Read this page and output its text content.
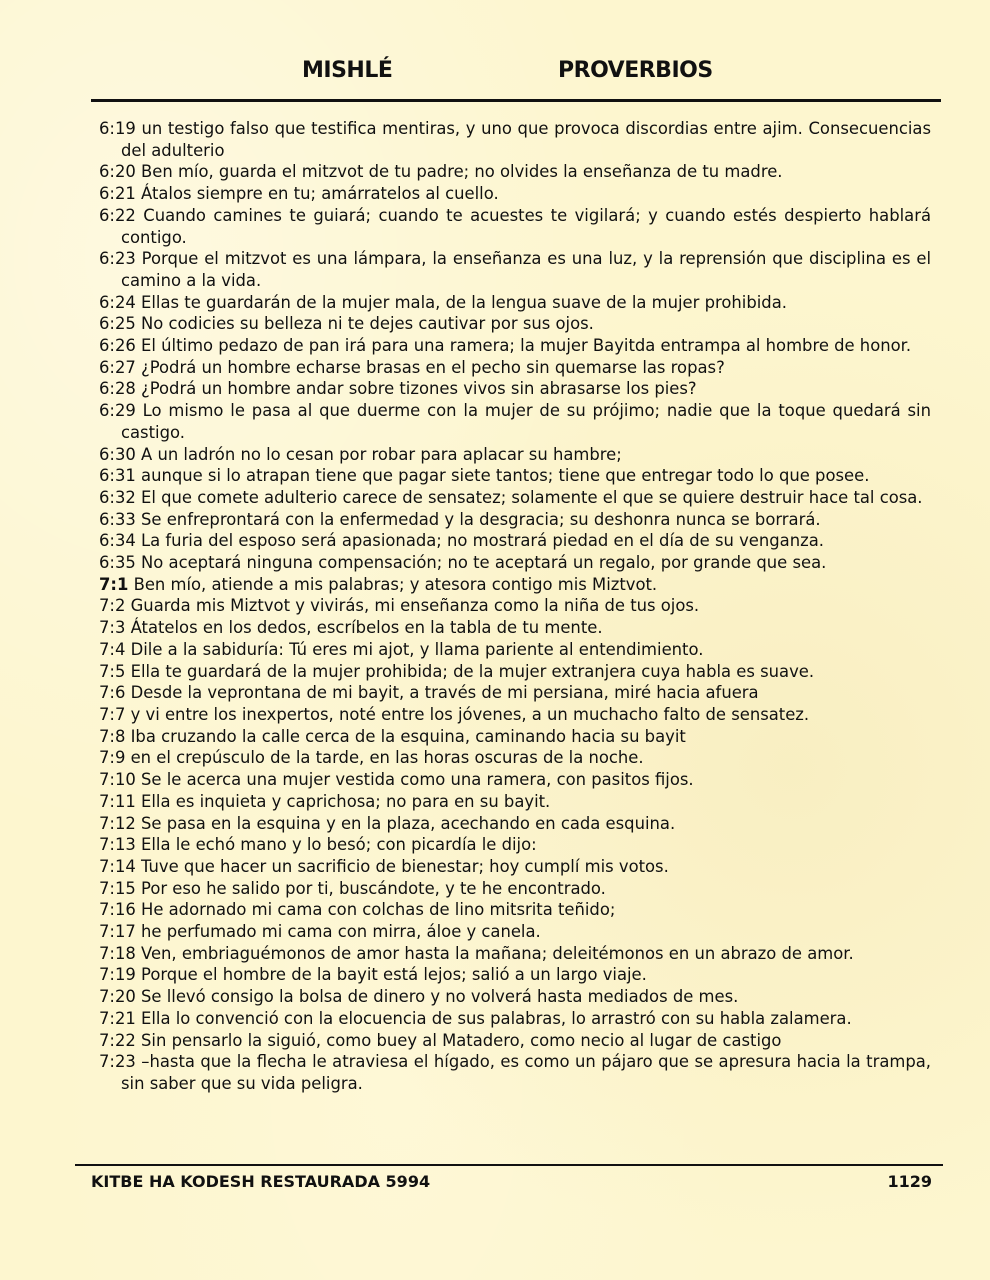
MISHLÉ	PROVERBIOS
6:19 un testigo falso que testifica mentiras, y uno que provoca discordias entre ajim. Consecuencias del adulterio
6:20 Ben mío, guarda el mitzvot de tu padre; no olvides la enseñanza de tu madre.
6:21 Átalos siempre en tu; amárratelos al cuello.
6:22 Cuando camines te guiará; cuando te acuestes te vigilará; y cuando estés despierto hablará contigo.
6:23 Porque el mitzvot es una lámpara, la enseñanza es una luz, y la reprensión que disciplina es el camino a la vida.
6:24 Ellas te guardarán de la mujer mala, de la lengua suave de la mujer prohibida.
6:25 No codicies su belleza ni te dejes cautivar por sus ojos.
6:26 El último pedazo de pan irá para una ramera; la mujer Bayitda entrampa al hombre de honor.
6:27 ¿Podrá un hombre echarse brasas en el pecho sin quemarse las ropas?
6:28 ¿Podrá un hombre andar sobre tizones vivos sin abrasarse los pies?
6:29 Lo mismo le pasa al que duerme con la mujer de su prójimo; nadie que la toque quedará sin castigo.
6:30 A un ladrón no lo cesan por robar para aplacar su hambre;
6:31 aunque si lo atrapan tiene que pagar siete tantos; tiene que entregar todo lo que posee.
6:32 El que comete adulterio carece de sensatez; solamente el que se quiere destruir hace tal cosa.
6:33 Se enfreprontará con la enfermedad y la desgracia; su deshonra nunca se borrará.
6:34 La furia del esposo será apasionada; no mostrará piedad en el día de su venganza.
6:35 No aceptará ninguna compensación; no te aceptará un regalo, por grande que sea.
7:1 Ben mío, atiende a mis palabras; y atesora contigo mis Miztvot.
7:2 Guarda mis Miztvot y vivirás, mi enseñanza como la niña de tus ojos.
7:3 Átatelos en los dedos, escríbelos en la tabla de tu mente.
7:4 Dile a la sabiduría: Tú eres mi ajot, y llama pariente al entendimiento.
7:5 Ella te guardará de la mujer prohibida; de la mujer extranjera cuya habla es suave.
7:6 Desde la veprontana de mi bayit, a través de mi persiana, miré hacia afuera
7:7 y vi entre los inexpertos, noté entre los jóvenes, a un muchacho falto de sensatez.
7:8 Iba cruzando la calle cerca de la esquina, caminando hacia su bayit
7:9 en el crepúsculo de la tarde, en las horas oscuras de la noche.
7:10 Se le acerca una mujer vestida como una ramera, con pasitos fijos.
7:11 Ella es inquieta y caprichosa; no para en su bayit.
7:12 Se pasa en la esquina y en la plaza, acechando en cada esquina.
7:13 Ella le echó mano y lo besó; con picardía le dijo:
7:14 Tuve que hacer un sacrificio de bienestar; hoy cumplí mis votos.
7:15 Por eso he salido por ti, buscándote, y te he encontrado.
7:16 He adornado mi cama con colchas de lino mitsrita teñido;
7:17 he perfumado mi cama con mirra, áloe y canela.
7:18 Ven, embriaguémonos de amor hasta la mañana; deleitémonos en un abrazo de amor.
7:19 Porque el hombre de la bayit está lejos; salió a un largo viaje.
7:20 Se llevó consigo la bolsa de dinero y no volverá hasta mediados de mes.
7:21 Ella lo convenció con la elocuencia de sus palabras, lo arrastró con su habla zalamera.
7:22 Sin pensarlo la siguió, como buey al Matadero, como necio al lugar de castigo
7:23 –hasta que la flecha le atraviesa el hígado, es como un pájaro que se apresura hacia la trampa, sin saber que su vida peligra.
KITBE HA KODESH RESTAURADA 5994	1129
